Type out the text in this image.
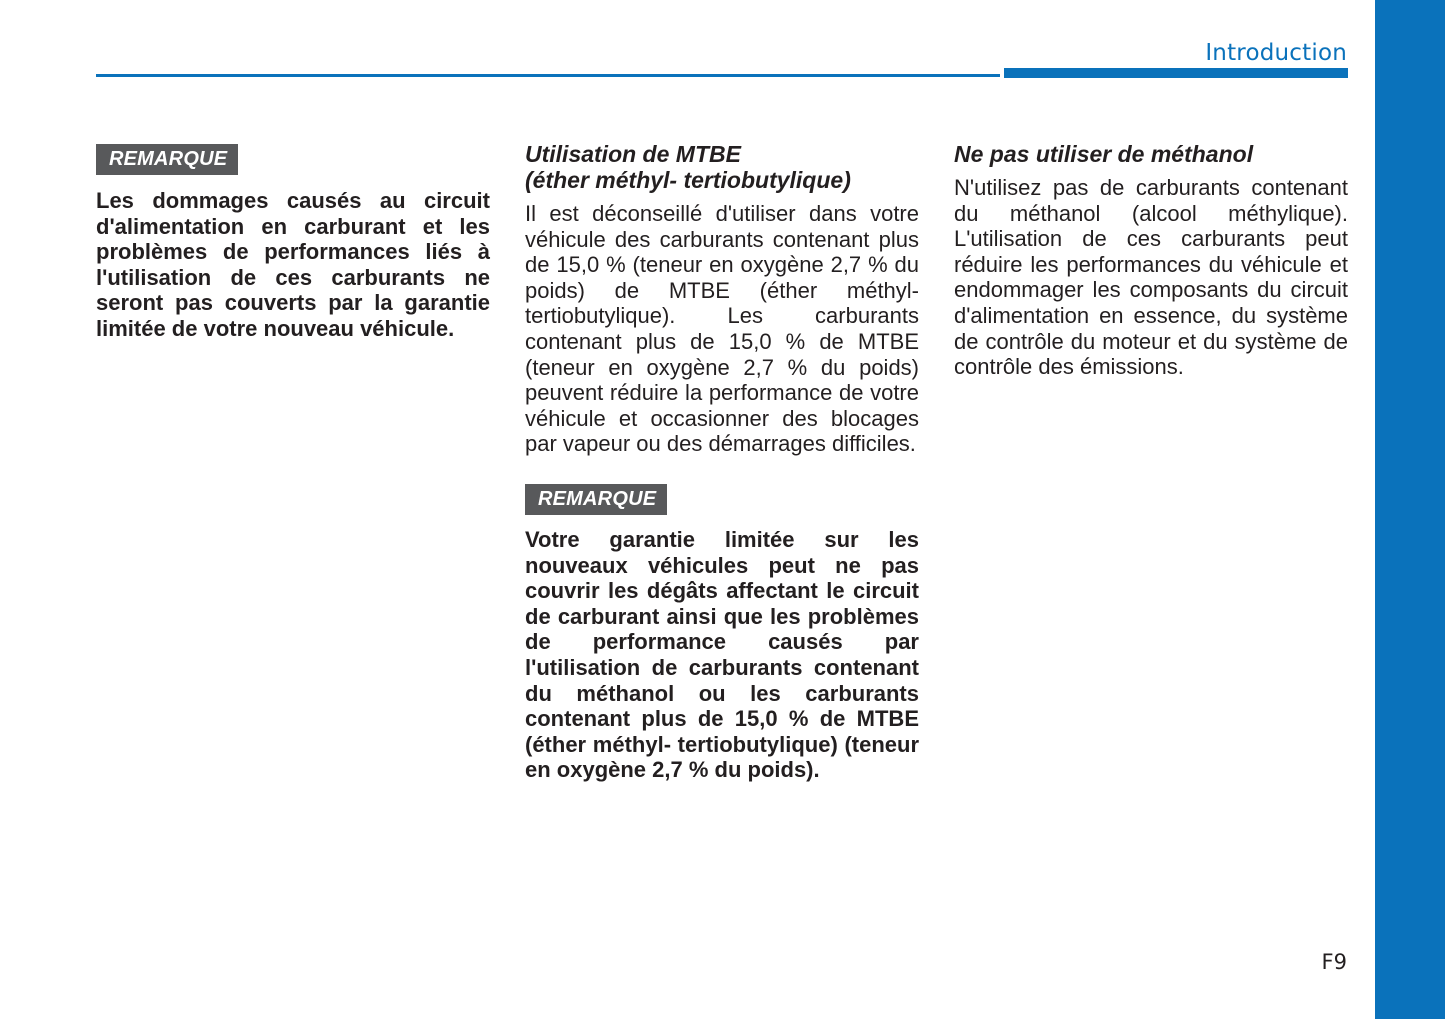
Introduction
REMARQUE

Les dommages causés au circuit d'alimentation en carburant et les problèmes de performances liés à l'utilisation de ces carburants ne seront pas couverts par la garantie limitée de votre nouveau véhicule.

Utilisation de MTBE
(éther méthyl- tertiobutylique)

Il est déconseillé d'utiliser dans votre véhicule des carburants contenant plus de 15,0 % (teneur en oxygène 2,7 % du poids) de MTBE (éther méthyl- tertiobutylique). Les carburants contenant plus de 15,0 % de MTBE (teneur en oxygène 2,7 % du poids) peuvent réduire la performance de votre véhicule et occasionner des blocages par vapeur ou des démarrages difficiles.

REMARQUE

Votre garantie limitée sur les nouveaux véhicules peut ne pas couvrir les dégâts affectant le circuit de carburant ainsi que les problèmes de performance causés par l'utilisation de carburants contenant du méthanol ou les carburants contenant plus de 15,0 % de MTBE (éther méthyl- tertiobutylique) (teneur en oxygène 2,7 % du poids).

Ne pas utiliser de méthanol

N'utilisez pas de carburants contenant du méthanol (alcool méthylique). L'utilisation de ces carburants peut réduire les performances du véhicule et endommager les composants du circuit d'alimentation en essence, du système de contrôle du moteur et du système de contrôle des émissions.

F9
